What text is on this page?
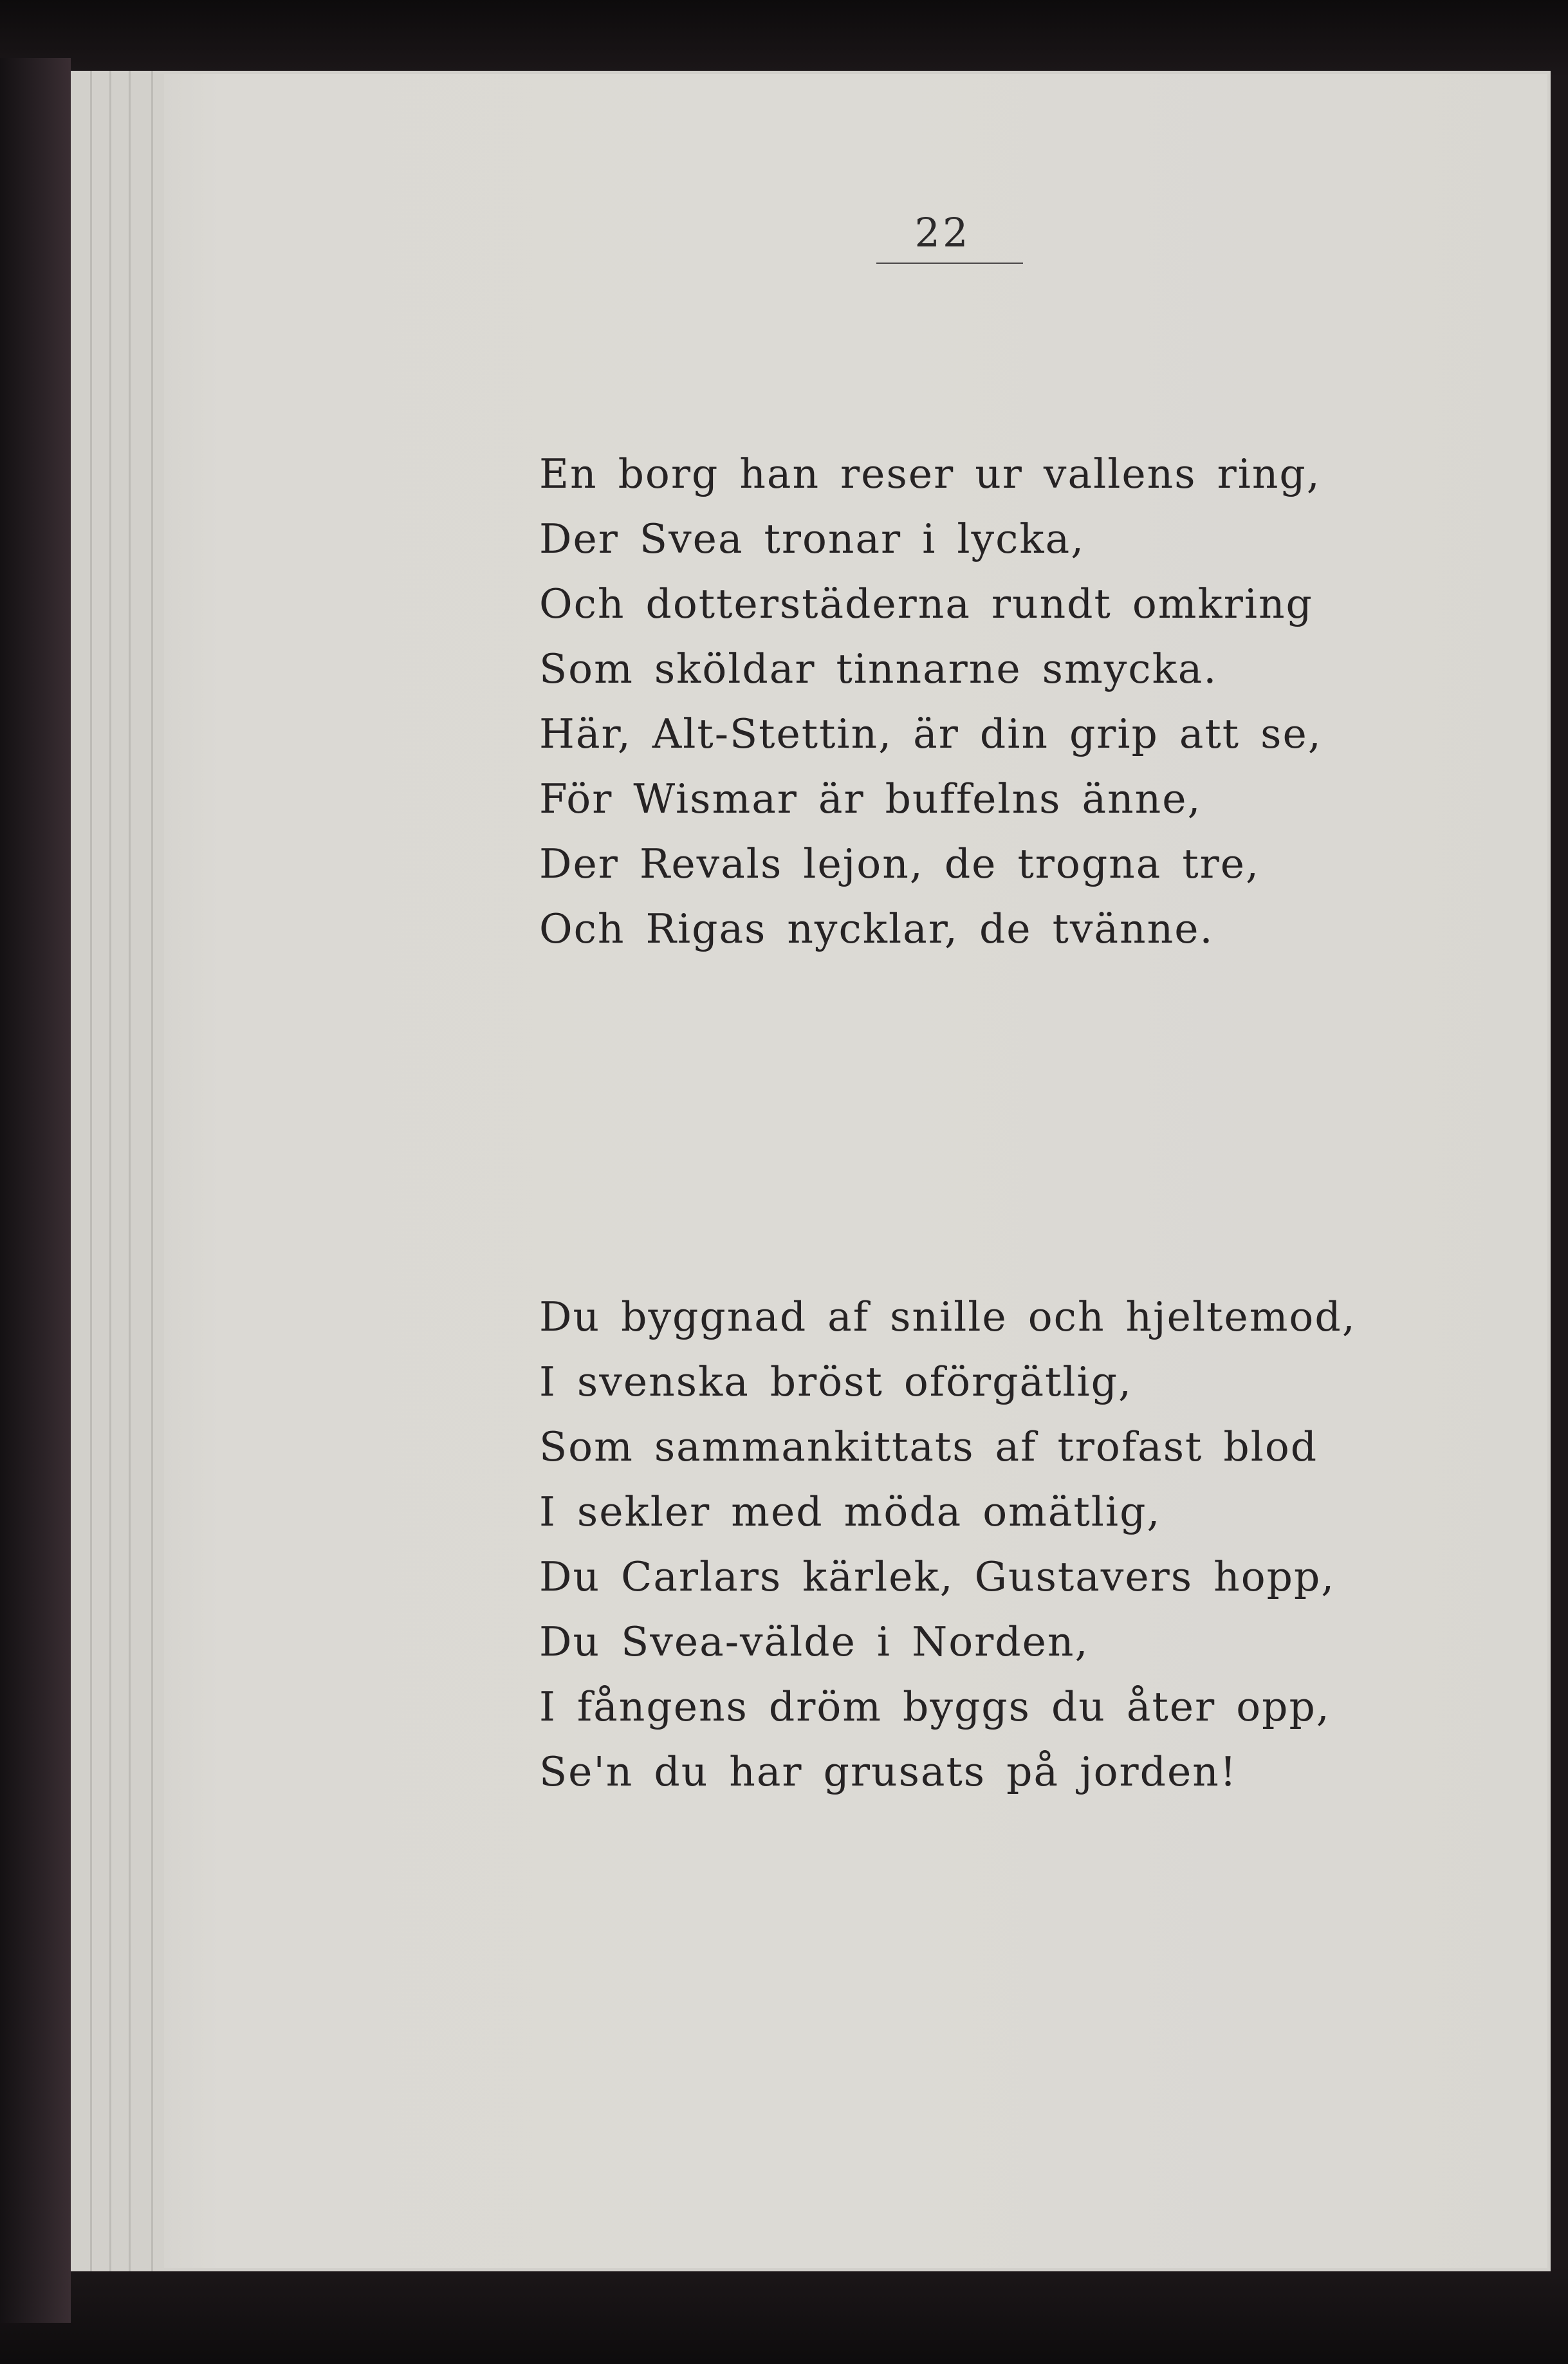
22
En borg han reser ur vallens ring,
Der Svea tronar i lycka,
Och dotterstäderna rundt omkring
Som sköldar tinnarne smycka.
Här, Alt-Stettin, är din grip att se,
För Wismar är buffelns änne,
Der Revals lejon, de trogna tre,
Och Rigas nycklar, de tvänne.
Du byggnad af snille och hjeltemod,
I svenska bröst oförgätlig,
Som sammankittats af trofast blod
I sekler med möda omätlig,
Du Carlars kärlek, Gustavers hopp,
Du Svea-välde i Norden,
I fångens dröm byggs du åter opp,
Se'n du har grusats på jorden!
